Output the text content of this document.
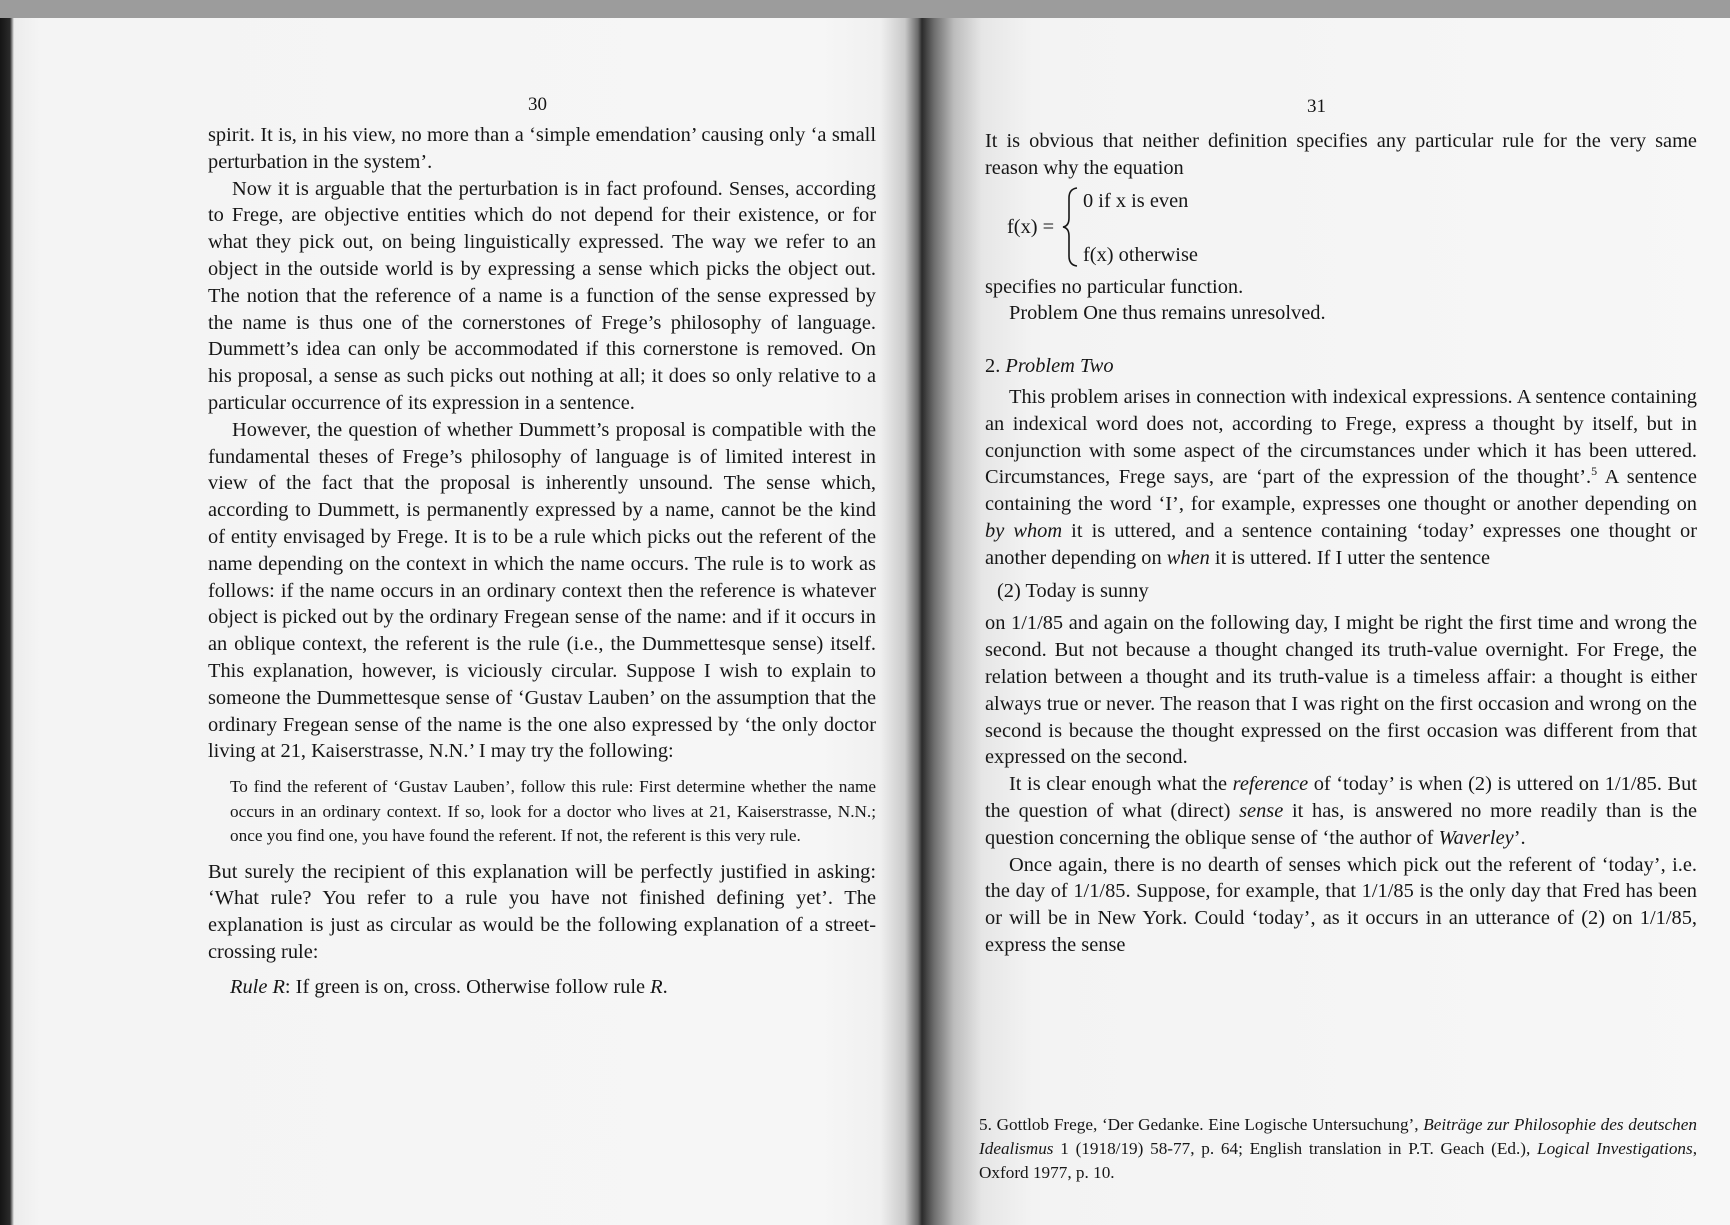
30

spirit. It is, in his view, no more than a ‘simple emendation’ causing only ‘a small perturbation in the system’.

Now it is arguable that the perturbation is in fact profound. Senses, according to Frege, are objective entities which do not depend for their existence, or for what they pick out, on being linguistically expressed. The way we refer to an object in the outside world is by expressing a sense which picks the object out. The notion that the reference of a name is a function of the sense expressed by the name is thus one of the cornerstones of Frege’s philosophy of language. Dummett’s idea can only be accommodated if this cornerstone is removed. On his proposal, a sense as such picks out nothing at all; it does so only relative to a particular occurrence of its expression in a sentence.

However, the question of whether Dummett’s proposal is compatible with the fundamental theses of Frege’s philosophy of language is of limited interest in view of the fact that the proposal is inherently unsound. The sense which, according to Dummett, is permanently expressed by a name, cannot be the kind of entity envisaged by Frege. It is to be a rule which picks out the referent of the name depending on the context in which the name occurs. The rule is to work as follows: if the name occurs in an ordinary context then the reference is whatever object is picked out by the ordinary Fregean sense of the name: and if it occurs in an oblique context, the referent is the rule (i.e., the Dummettesque sense) itself. This explanation, however, is viciously circular. Suppose I wish to explain to someone the Dummettesque sense of ‘Gustav Lauben’ on the assumption that the ordinary Fregean sense of the name is the one also expressed by ‘the only doctor living at 21, Kaiserstrasse, N.N.’ I may try the following:

To find the referent of ‘Gustav Lauben’, follow this rule: First determine whether the name occurs in an ordinary context. If so, look for a doctor who lives at 21, Kaiserstrasse, N.N.; once you find one, you have found the referent. If not, the referent is this very rule.

But surely the recipient of this explanation will be perfectly justified in asking: ‘What rule? You refer to a rule you have not finished defining yet’. The explanation is just as circular as would be the following explanation of a street-crossing rule:

Rule R: If green is on, cross. Otherwise follow rule R.

31

It is obvious that neither definition specifies any particular rule for the very same reason why the equation

f(x) =
0 if x is even
f(x) otherwise

specifies no particular function.

Problem One thus remains unresolved.

2. Problem Two

This problem arises in connection with indexical expressions. A sentence containing an indexical word does not, according to Frege, express a thought by itself, but in conjunction with some aspect of the circumstances under which it has been uttered. Circumstances, Frege says, are ‘part of the expression of the thought’.$^5$ A sentence containing the word ‘I’, for example, expresses one thought or another depending on by whom it is uttered, and a sentence containing ‘today’ expresses one thought or another depending on when it is uttered. If I utter the sentence

(2) Today is sunny

on 1/1/85 and again on the following day, I might be right the first time and wrong the second. But not because a thought changed its truth-value overnight. For Frege, the relation between a thought and its truth-value is a timeless affair: a thought is either always true or never. The reason that I was right on the first occasion and wrong on the second is because the thought expressed on the first occasion was different from that expressed on the second.

It is clear enough what the reference of ‘today’ is when (2) is uttered on 1/1/85. But the question of what (direct) sense it has, is answered no more readily than is the question concerning the oblique sense of ‘the author of Waverley’.

Once again, there is no dearth of senses which pick out the referent of ‘today’, i.e. the day of 1/1/85. Suppose, for example, that 1/1/85 is the only day that Fred has been or will be in New York. Could ‘today’, as it occurs in an utterance of (2) on 1/1/85, express the sense

5. Gottlob Frege, ‘Der Gedanke. Eine Logische Untersuchung’, Beiträge zur Philosophie des deutschen Idealismus 1 (1918/19) 58-77, p. 64; English translation in P.T. Geach (Ed.), Logical Investigations, Oxford 1977, p. 10.
